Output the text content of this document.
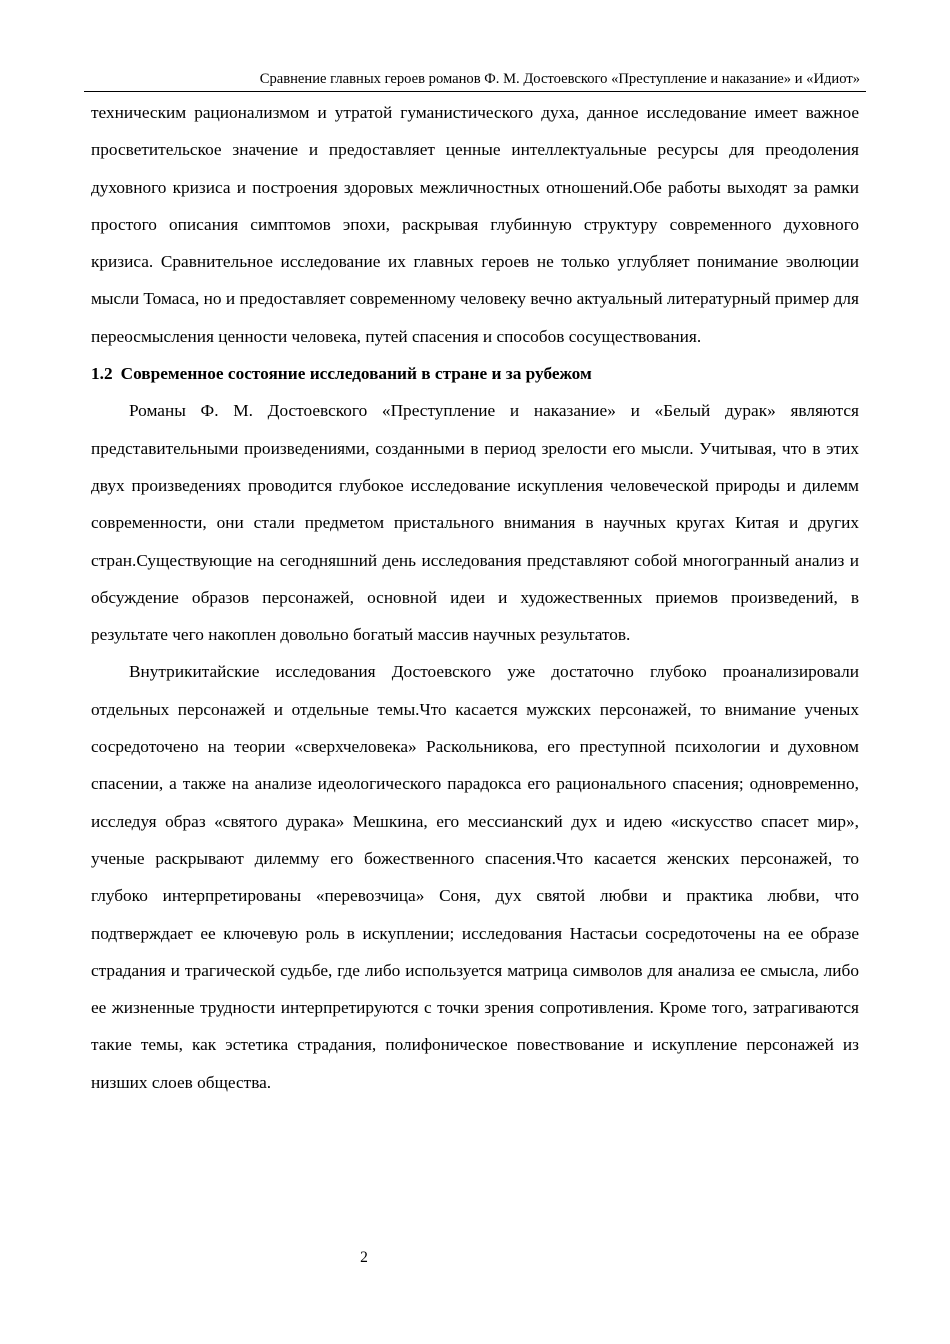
Сравнение главных героев романов Ф. М. Достоевского «Преступление и наказание» и «Идиот»

техническим рационализмом и утратой гуманистического духа, данное исследование имеет важное просветительское значение и предоставляет ценные интеллектуальные ресурсы для преодоления духовного кризиса и построения здоровых межличностных отношений.Обе работы выходят за рамки простого описания симптомов эпохи, раскрывая глубинную структуру современного духовного кризиса. Сравнительное исследование их главных героев не только углубляет понимание эволюции мысли Томаса, но и предоставляет современному человеку вечно актуальный литературный пример для переосмысления ценности человека, путей спасения и способов сосуществования.

1.2 Современное состояние исследований в стране и за рубежом

Романы Ф. М. Достоевского «Преступление и наказание» и «Белый дурак» являются представительными произведениями, созданными в период зрелости его мысли. Учитывая, что в этих двух произведениях проводится глубокое исследование искупления человеческой природы и дилемм современности, они стали предметом пристального внимания в научных кругах Китая и других стран.Существующие на сегодняшний день исследования представляют собой многогранный анализ и обсуждение образов персонажей, основной идеи и художественных приемов произведений, в результате чего накоплен довольно богатый массив научных результатов.

Внутрикитайские исследования Достоевского уже достаточно глубоко проанализировали отдельных персонажей и отдельные темы.Что касается мужских персонажей, то внимание ученых сосредоточено на теории «сверхчеловека» Раскольникова, его преступной психологии и духовном спасении, а также на анализе идеологического парадокса его рационального спасения; одновременно, исследуя образ «святого дурака» Мешкина, его мессианский дух и идею «искусство спасет мир», ученые раскрывают дилемму его божественного спасения.Что касается женских персонажей, то глубоко интерпретированы «перевозчица» Соня, дух святой любви и практика любви, что подтверждает ее ключевую роль в искуплении; исследования Настасьи сосредоточены на ее образе страдания и трагической судьбе, где либо используется матрица символов для анализа ее смысла, либо ее жизненные трудности интерпретируются с точки зрения сопротивления. Кроме того, затрагиваются такие темы, как эстетика страдания, полифоническое повествование и искупление персонажей из низших слоев общества.

2
